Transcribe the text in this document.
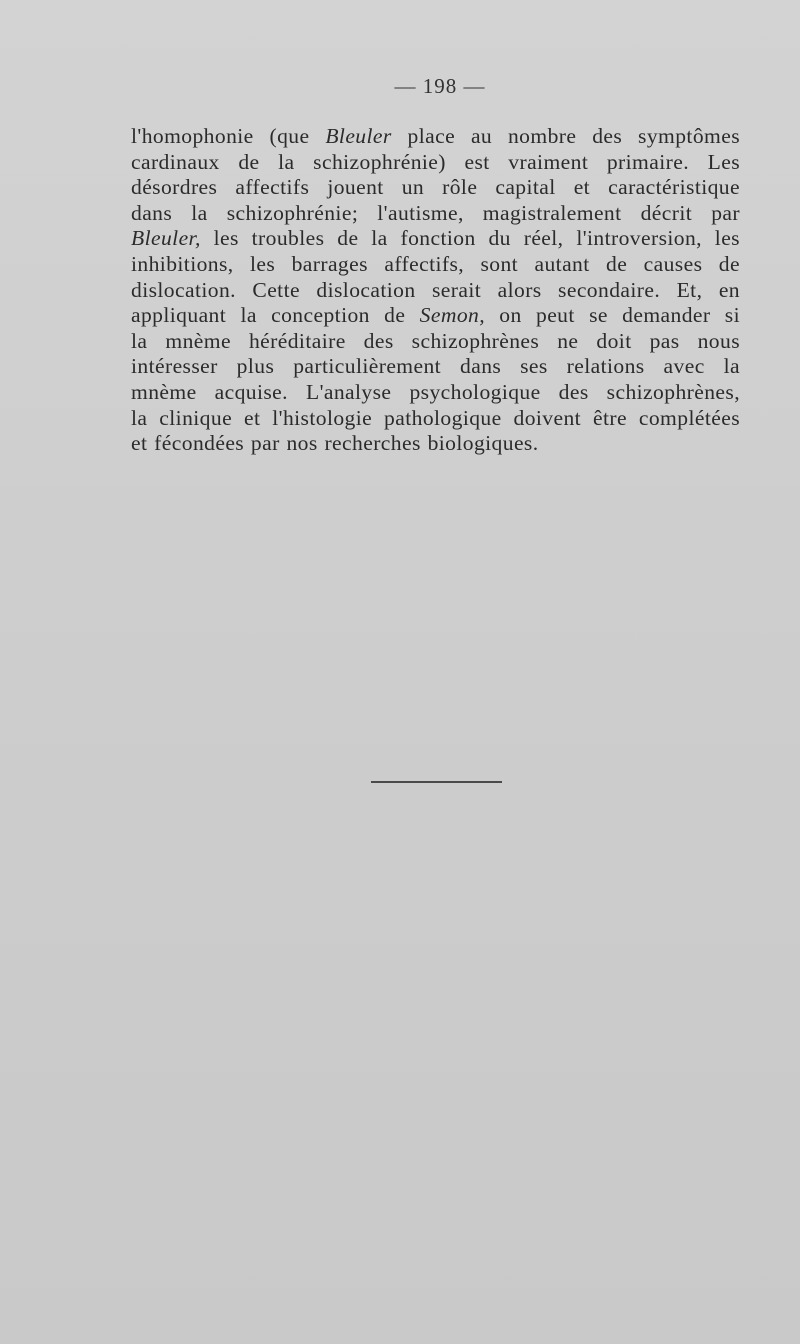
— 198 —
l'homophonie (que Bleuler place au nombre des symptômes
cardinaux de la schizophrénie) est vraiment primaire. Les
désordres affectifs jouent un rôle capital et caractéristique
dans la schizophrénie; l'autisme, magistralement décrit par
Bleuler, les troubles de la fonction du réel, l'introversion, les
inhibitions, les barrages affectifs, sont autant de causes de
dislocation. Cette dislocation serait alors secondaire. Et, en
appliquant la conception de Semon, on peut se demander si
la mnème héréditaire des schizophrènes ne doit pas nous
intéresser plus particulièrement dans ses relations avec la
mnème acquise. L'analyse psychologique des schizophrènes,
la clinique et l'histologie pathologique doivent être complétées
et fécondées par nos recherches biologiques.
